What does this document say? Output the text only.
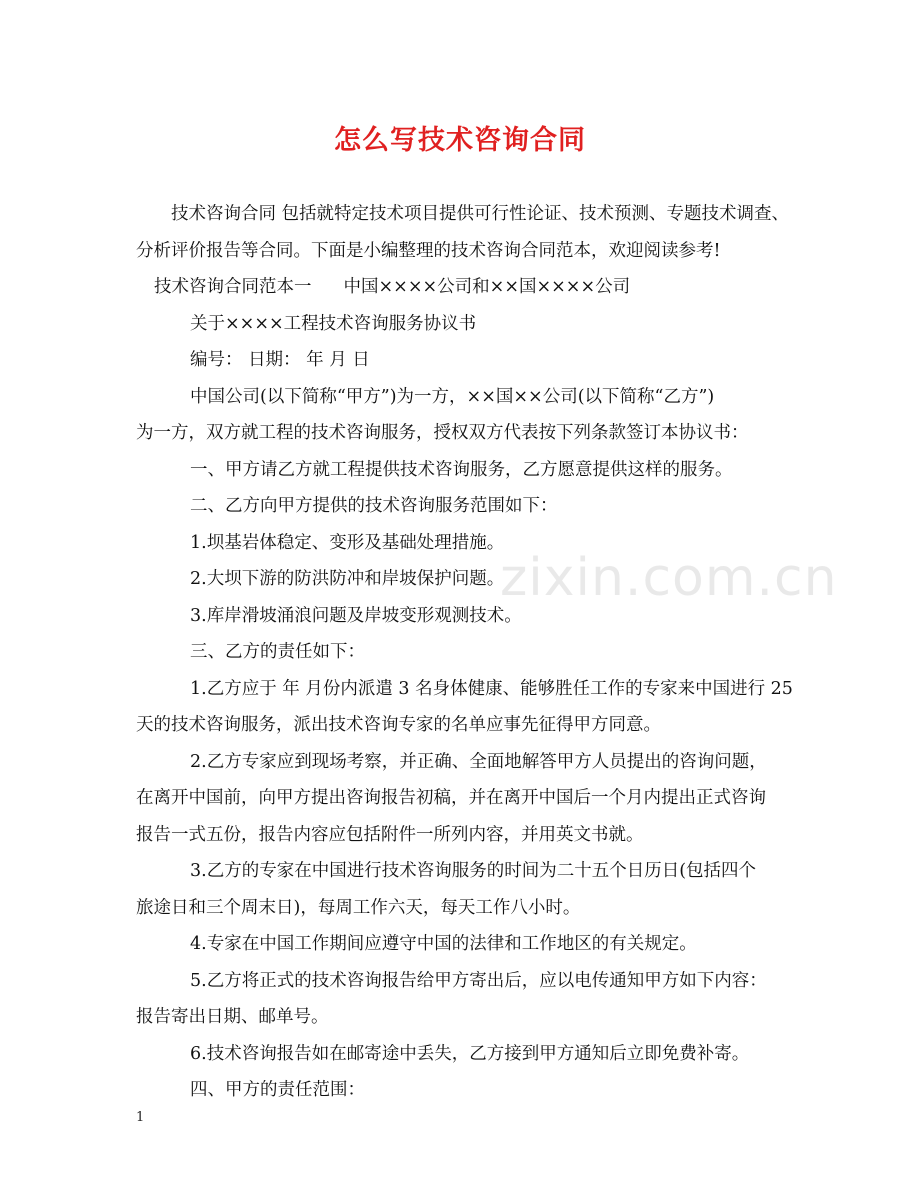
怎么写技术咨询合同

技术咨询合同 包括就特定技术项目提供可行性论证、技术预测、专题技术调查、

分析评价报告等合同。下面是小编整理的技术咨询合同范本，欢迎阅读参考!

技术咨询合同范本一 中国××××公司和××国××××公司

关于××××工程技术咨询服务协议书

编号： 日期： 年 月 日

中国公司(以下简称“甲方”)为一方，××国××公司(以下简称“乙方”)

为一方，双方就工程的技术咨询服务，授权双方代表按下列条款签订本协议书：

一、甲方请乙方就工程提供技术咨询服务，乙方愿意提供这样的服务。

二、乙方向甲方提供的技术咨询服务范围如下：

1.坝基岩体稳定、变形及基础处理措施。

2.大坝下游的防洪防冲和岸坡保护问题。

3.库岸滑坡涌浪问题及岸坡变形观测技术。

三、乙方的责任如下：

1.乙方应于 年 月份内派遣 3 名身体健康、能够胜任工作的专家来中国进行 25

天的技术咨询服务，派出技术咨询专家的名单应事先征得甲方同意。

2.乙方专家应到现场考察，并正确、全面地解答甲方人员提出的咨询问题，

在离开中国前，向甲方提出咨询报告初稿，并在离开中国后一个月内提出正式咨询

报告一式五份，报告内容应包括附件一所列内容，并用英文书就。

3.乙方的专家在中国进行技术咨询服务的时间为二十五个日历日(包括四个

旅途日和三个周末日)，每周工作六天，每天工作八小时。

4.专家在中国工作期间应遵守中国的法律和工作地区的有关规定。

5.乙方将正式的技术咨询报告给甲方寄出后，应以电传通知甲方如下内容：

报告寄出日期、邮单号。

6.技术咨询报告如在邮寄途中丢失，乙方接到甲方通知后立即免费补寄。

四、甲方的责任范围：

zixin.com.cn
1
